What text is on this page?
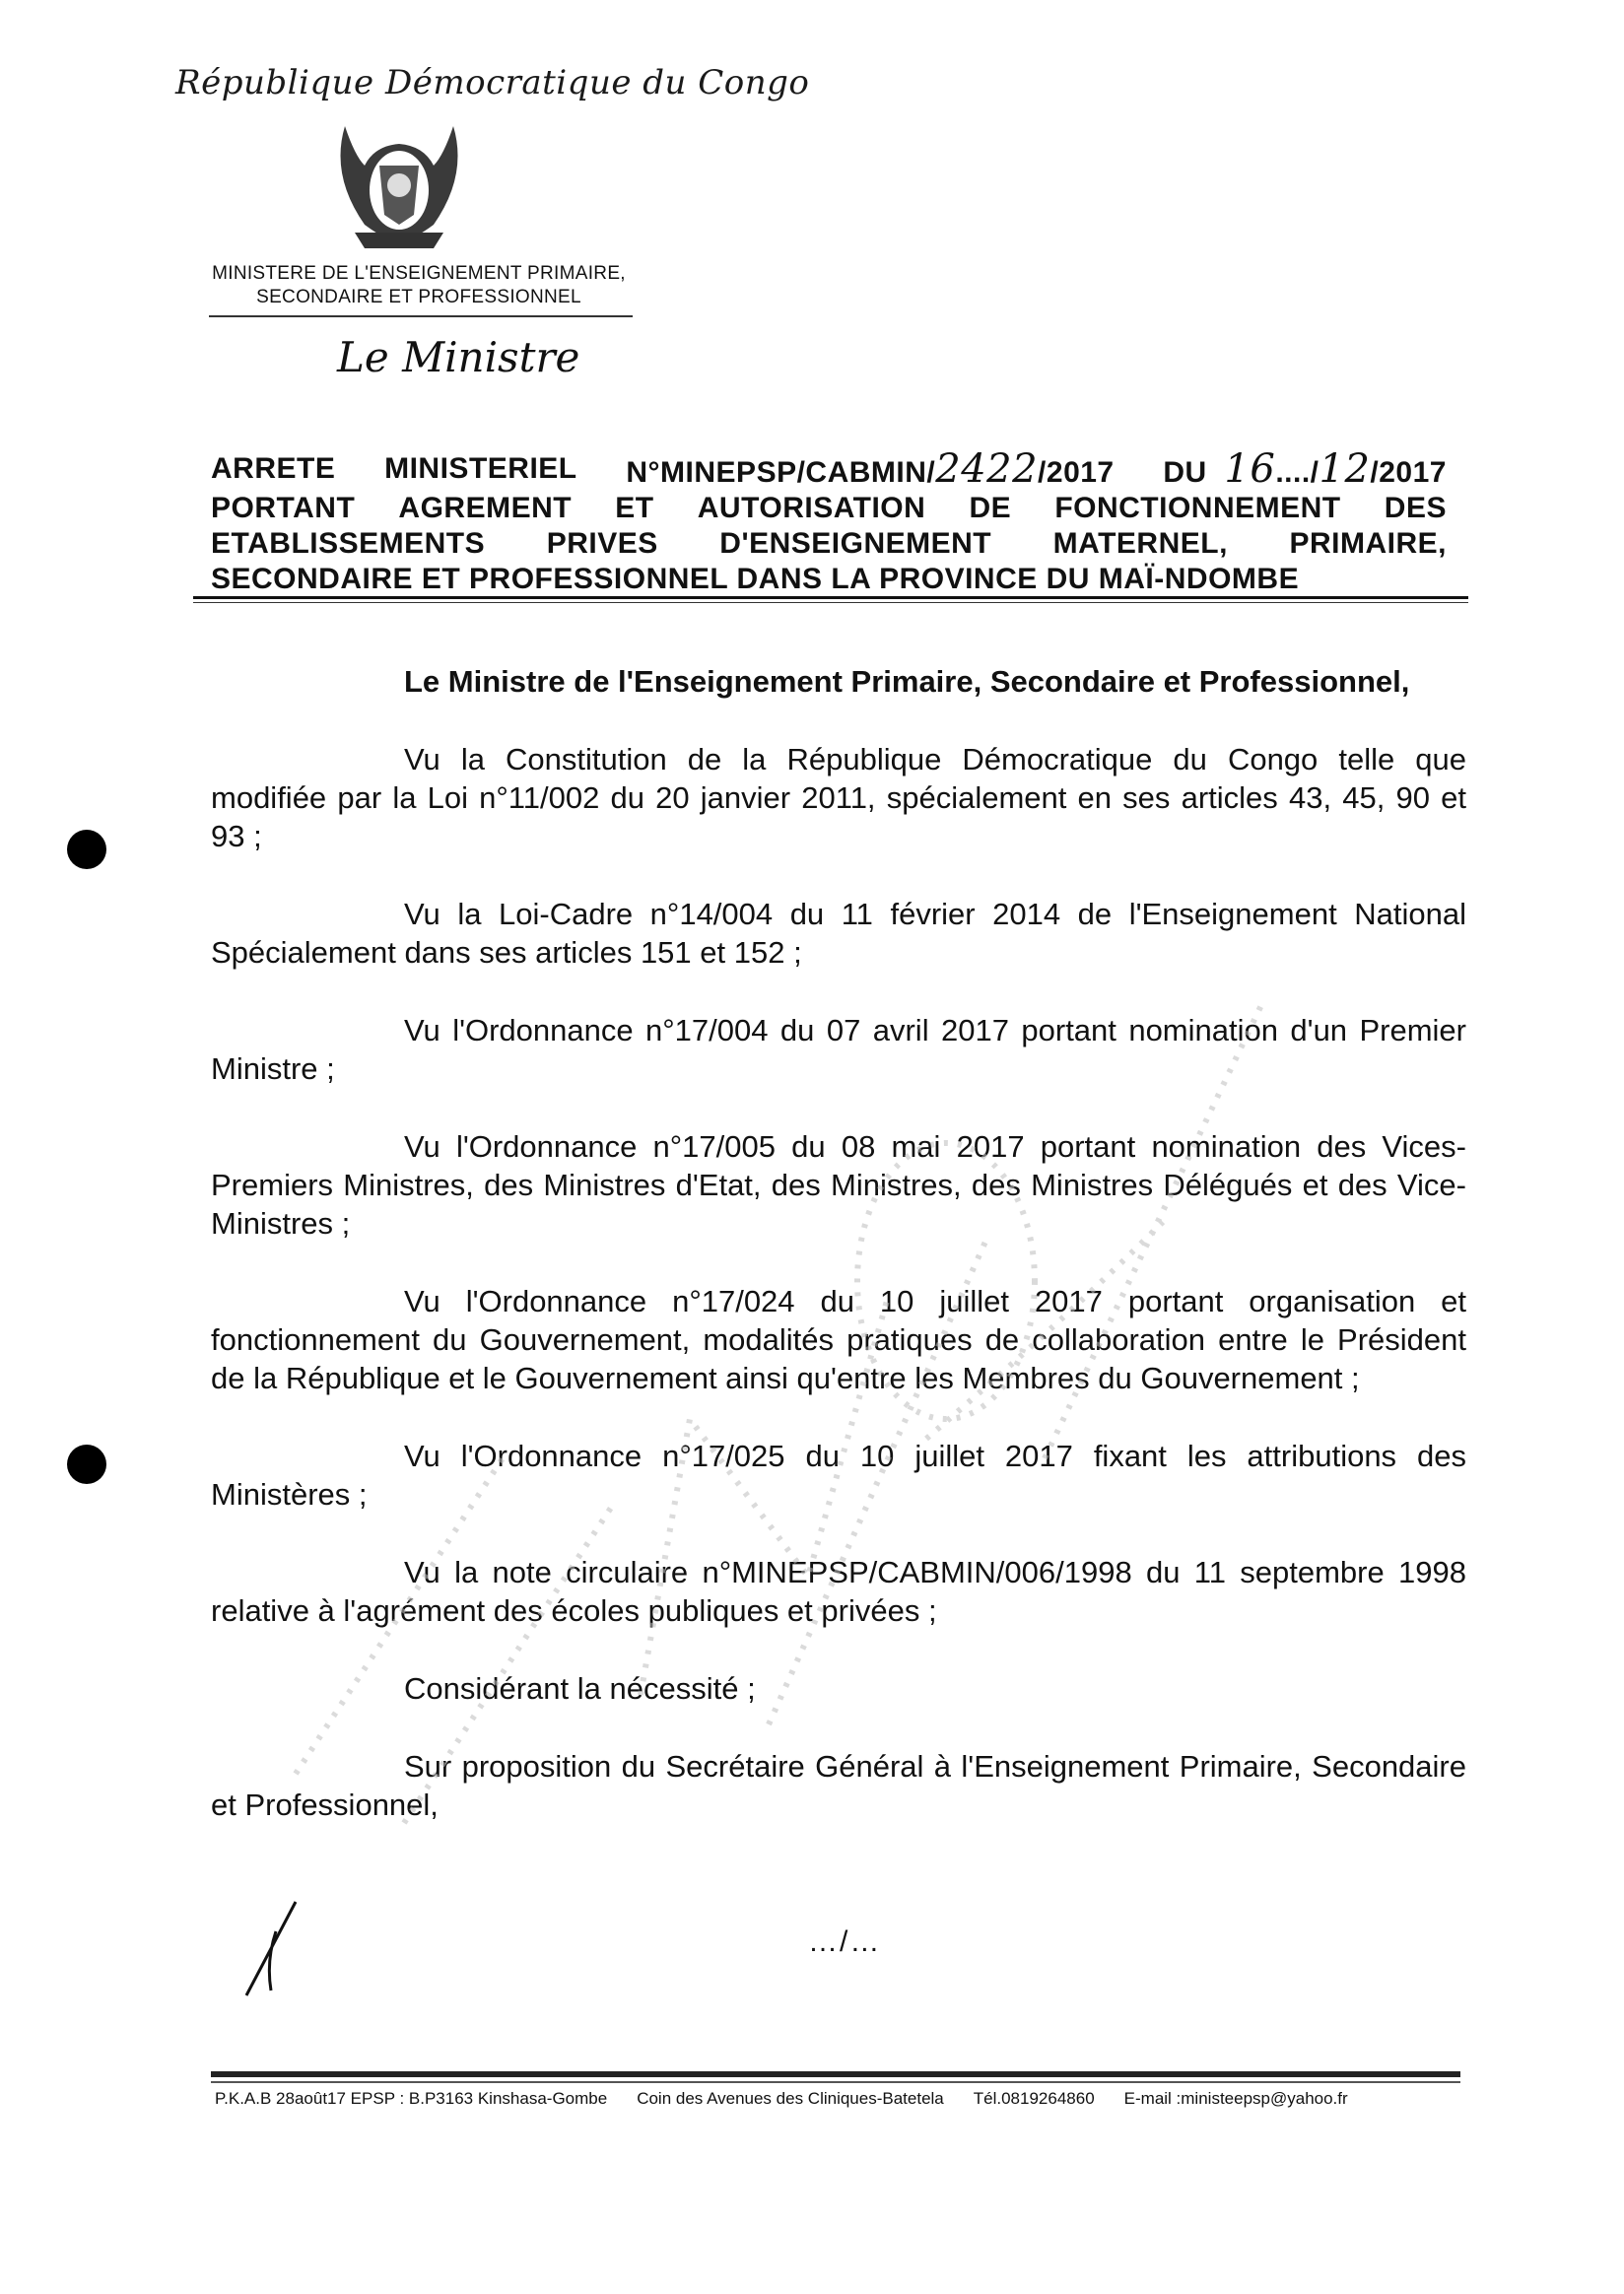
République Démocratique du Congo
MINISTERE DE L'ENSEIGNEMENT PRIMAIRE,
SECONDAIRE ET PROFESSIONNEL
Le Ministre
ARRETE MINISTERIEL N°MINEPSP/CABMIN/2422/2017 DU 16..../12/2017
PORTANT AGREMENT ET AUTORISATION DE FONCTIONNEMENT DES
ETABLISSEMENTS PRIVES D'ENSEIGNEMENT MATERNEL, PRIMAIRE,
SECONDAIRE ET PROFESSIONNEL DANS LA PROVINCE DU MAÏ-NDOMBE

Le Ministre de l'Enseignement Primaire, Secondaire et Professionnel,

Vu la Constitution de la République Démocratique du Congo telle que modifiée par la Loi n°11/002 du 20 janvier 2011, spécialement en ses articles 43, 45, 90 et 93 ;

Vu la Loi-Cadre n°14/004 du 11 février 2014 de l'Enseignement National Spécialement dans ses articles 151 et 152 ;

Vu l'Ordonnance n°17/004 du 07 avril 2017 portant nomination d'un Premier Ministre ;

Vu l'Ordonnance n°17/005 du 08 mai 2017 portant nomination des Vices-Premiers Ministres, des Ministres d'Etat, des Ministres, des Ministres Délégués et des Vice-Ministres ;

Vu l'Ordonnance n°17/024 du 10 juillet 2017 portant organisation et fonctionnement du Gouvernement, modalités pratiques de collaboration entre le Président de la République et le Gouvernement ainsi qu'entre les Membres du Gouvernement ;

Vu l'Ordonnance n°17/025 du 10 juillet 2017 fixant les attributions des Ministères ;

Vu la note circulaire n°MINEPSP/CABMIN/006/1998 du 11 septembre 1998 relative à l'agrément des écoles publiques et privées ;

Considérant la nécessité ;

Sur proposition du Secrétaire Général à l'Enseignement Primaire, Secondaire et Professionnel,

…/…
P.K.A.B 28août17 EPSP : B.P3163 Kinshasa-Gombe Coin des Avenues des Cliniques-Batetela Tél.0819264860 E-mail :ministeepsp@yahoo.fr
